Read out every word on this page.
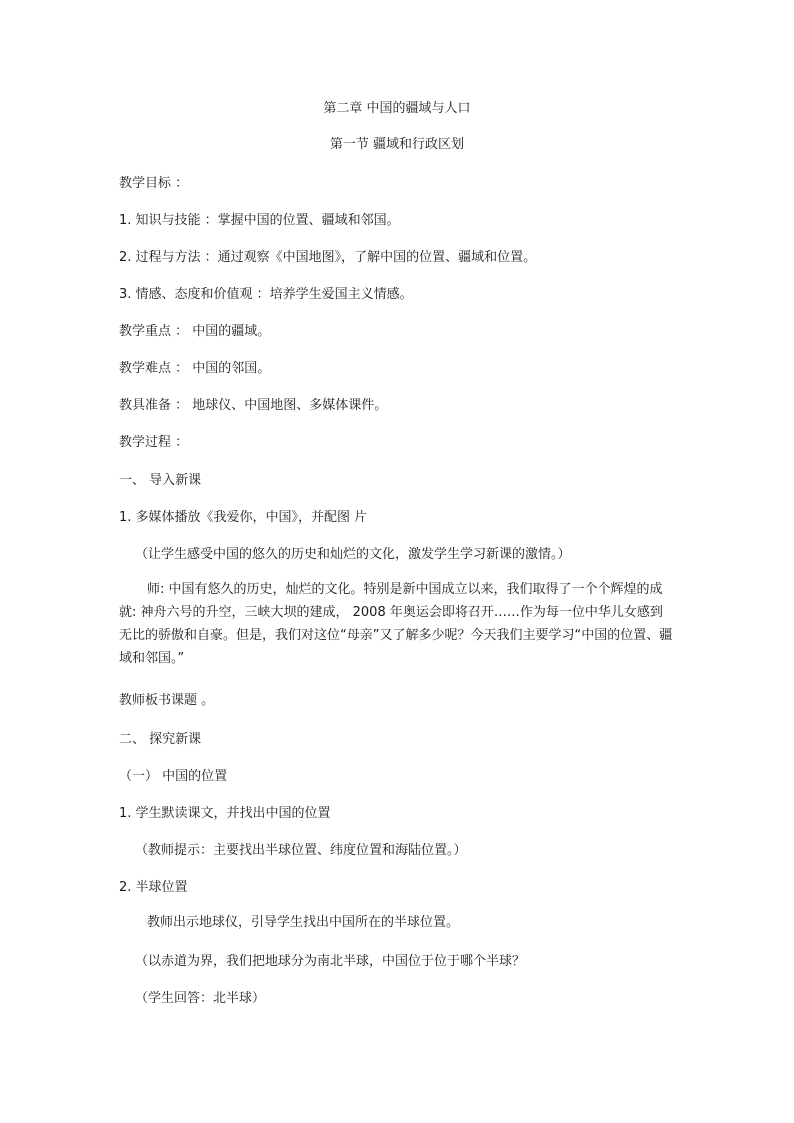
第二章 中国的疆域与人口
第一节 疆域和行政区划
教学目标 ：
1. 知识与技能 ：掌握中国的位置、疆域和邻国。
2. 过程与方法 ：通过观察《中国地图》，了解中国的位置、疆域和位置。
3. 情感、态度和价值观 ：培养学生爱国主义情感。
教学重点 ： 中国的疆域。
教学难点 ： 中国的邻国。
教具准备 ： 地球仪、中国地图、多媒体课件。
教学过程 ：
一、 导入新课
1. 多媒体播放《我爱你，中国》，并配图 片
（让学生感受中国的悠久的历史和灿烂的文化，激发学生学习新课的激情。）
师: 中国有悠久的历史，灿烂的文化。特别是新中国成立以来，我们取得了一个个辉煌的成就: 神舟六号的升空，三峡大坝的建成， 2008 年奥运会即将召开……作为每一位中华儿女感到无比的骄傲和自豪。但是，我们对这位“母亲”又了解多少呢？今天我们主要学习“中国的位置、疆域和邻国。”
教师板书课题 。
二、 探究新课
（一） 中国的位置
1. 学生默读课文，并找出中国的位置
（教师提示：主要找出半球位置、纬度位置和海陆位置。）
2. 半球位置
教师出示地球仪，引导学生找出中国所在的半球位置。
（以赤道为界，我们把地球分为南北半球，中国位于位于哪个半球？
（学生回答：北半球）
